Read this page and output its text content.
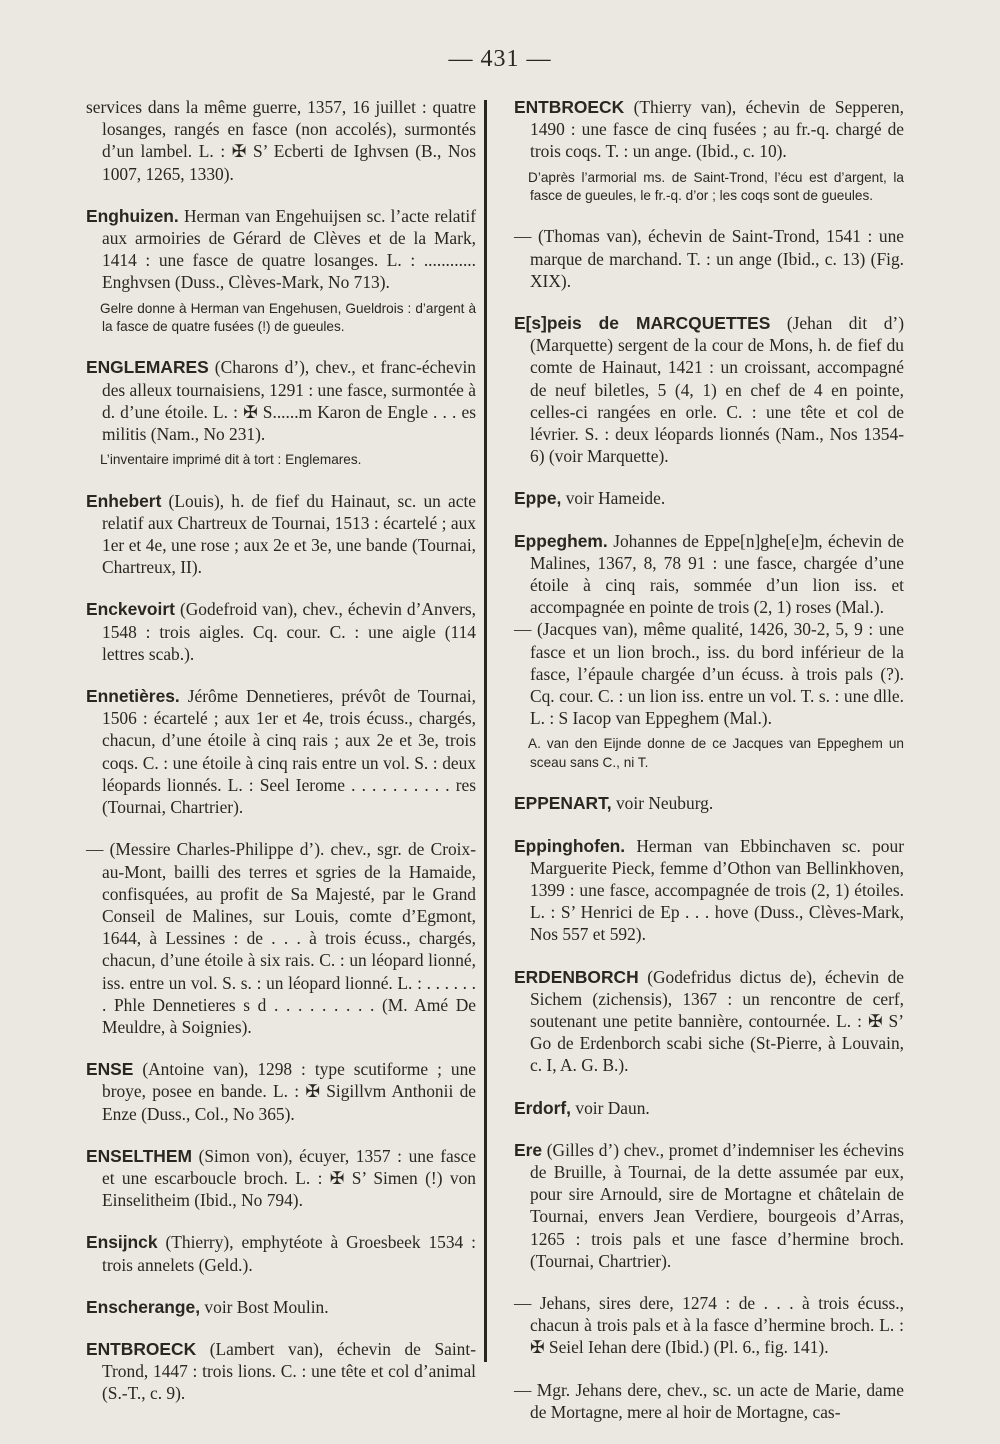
— 431 —

services dans la même guerre, 1357, 16 juillet : quatre losanges, rangés en fasce (non accolés), surmontés d’un lambel. L. : ✠ S’ Ecberti de Ighvsen (B., Nos 1007, 1265, 1330).

Enghuizen. Herman van Engehuijsen sc. l’acte relatif aux armoiries de Gérard de Clèves et de la Mark, 1414 : une fasce de quatre losanges. L. : ............ Enghvsen (Duss., Clèves-Mark, No 713).

Gelre donne à Herman van Engehusen, Gueldrois : d’argent à la fasce de quatre fusées (!) de gueules.

ENGLEMARES (Charons d’), chev., et franc-échevin des alleux tournaisiens, 1291 : une fasce, surmontée à d. d’une étoile. L. : ✠ S......m Karon de Engle . . . es militis (Nam., No 231).

L’inventaire imprimé dit à tort : Englemares.

Enhebert (Louis), h. de fief du Hainaut, sc. un acte relatif aux Chartreux de Tournai, 1513 : écartelé ; aux 1er et 4e, une rose ; aux 2e et 3e, une bande (Tournai, Chartreux, II).

Enckevoirt (Godefroid van), chev., échevin d’Anvers, 1548 : trois aigles. Cq. cour. C. : une aigle (114 lettres scab.).

Ennetières. Jérôme Dennetieres, prévôt de Tournai, 1506 : écartelé ; aux 1er et 4e, trois écuss., chargés, chacun, d’une étoile à cinq rais ; aux 2e et 3e, trois coqs. C. : une étoile à cinq rais entre un vol. S. : deux léopards lionnés. L. : Seel Ierome . . . . . . . . . . res (Tournai, Chartrier).

— (Messire Charles-Philippe d’). chev., sgr. de Croix-au-Mont, bailli des terres et sgries de la Hamaide, confisquées, au profit de Sa Majesté, par le Grand Conseil de Malines, sur Louis, comte d’Egmont, 1644, à Lessines : de . . . à trois écuss., chargés, chacun, d’une étoile à six rais. C. : un léopard lionné, iss. entre un vol. S. s. : un léopard lionné. L. : . . . . . . . Phle Dennetieres s d . . . . . . . . . (M. Amé De Meuldre, à Soignies).

ENSE (Antoine van), 1298 : type scutiforme ; une broye, posee en bande. L. : ✠ Sigillvm Anthonii de Enze (Duss., Col., No 365).

ENSELTHEM (Simon von), écuyer, 1357 : une fasce et une escarboucle broch. L. : ✠ S’ Simen (!) von Einselitheim (Ibid., No 794).

Ensijnck (Thierry), emphytéote à Groesbeek 1534 : trois annelets (Geld.).

Enscherange, voir Bost Moulin.

ENTBROECK (Lambert van), échevin de Saint-Trond, 1447 : trois lions. C. : une tête et col d’animal (S.-T., c. 9).

ENTBROECK (Thierry van), échevin de Sepperen, 1490 : une fasce de cinq fusées ; au fr.-q. chargé de trois coqs. T. : un ange. (Ibid., c. 10).

D’après l’armorial ms. de Saint-Trond, l’écu est d’argent, la fasce de gueules, le fr.-q. d’or ; les coqs sont de gueules.

— (Thomas van), échevin de Saint-Trond, 1541 : une marque de marchand. T. : un ange (Ibid., c. 13) (Fig. XIX).

E[s]peis de MARCQUETTES (Jehan dit d’) (Marquette) sergent de la cour de Mons, h. de fief du comte de Hainaut, 1421 : un croissant, accompagné de neuf biletles, 5 (4, 1) en chef de 4 en pointe, celles-ci rangées en orle. C. : une tête et col de lévrier. S. : deux léopards lionnés (Nam., Nos 1354-6) (voir Marquette).

Eppe, voir Hameide.

Eppeghem. Johannes de Eppe[n]ghe[e]m, échevin de Malines, 1367, 8, 78 91 : une fasce, chargée d’une étoile à cinq rais, sommée d’un lion iss. et accompagnée en pointe de trois (2, 1) roses (Mal.).

— (Jacques van), même qualité, 1426, 30-2, 5, 9 : une fasce et un lion broch., iss. du bord inférieur de la fasce, l’épaule chargée d’un écuss. à trois pals (?). Cq. cour. C. : un lion iss. entre un vol. T. s. : une dlle. L. : S Iacop van Eppeghem (Mal.).

A. van den Eijnde donne de ce Jacques van Eppeghem un sceau sans C., ni T.

EPPENART, voir Neuburg.

Eppinghofen. Herman van Ebbinchaven sc. pour Marguerite Pieck, femme d’Othon van Bellinkhoven, 1399 : une fasce, accompagnée de trois (2, 1) étoiles. L. : S’ Henrici de Ep . . . hove (Duss., Clèves-Mark, Nos 557 et 592).

ERDENBORCH (Godefridus dictus de), échevin de Sichem (zichensis), 1367 : un rencontre de cerf, soutenant une petite bannière, contournée. L. : ✠ S’ Go de Erdenborch scabi siche (St-Pierre, à Louvain, c. I, A. G. B.).

Erdorf, voir Daun.

Ere (Gilles d’) chev., promet d’indemniser les échevins de Bruille, à Tournai, de la dette assumée par eux, pour sire Arnould, sire de Mortagne et châtelain de Tournai, envers Jean Verdiere, bourgeois d’Arras, 1265 : trois pals et une fasce d’hermine broch. (Tournai, Chartrier).

— Jehans, sires dere, 1274 : de . . . à trois écuss., chacun à trois pals et à la fasce d’hermine broch. L. : ✠ Seiel Iehan dere (Ibid.) (Pl. 6., fig. 141).

— Mgr. Jehans dere, chev., sc. un acte de Marie, dame de Mortagne, mere al hoir de Mortagne, cas-
